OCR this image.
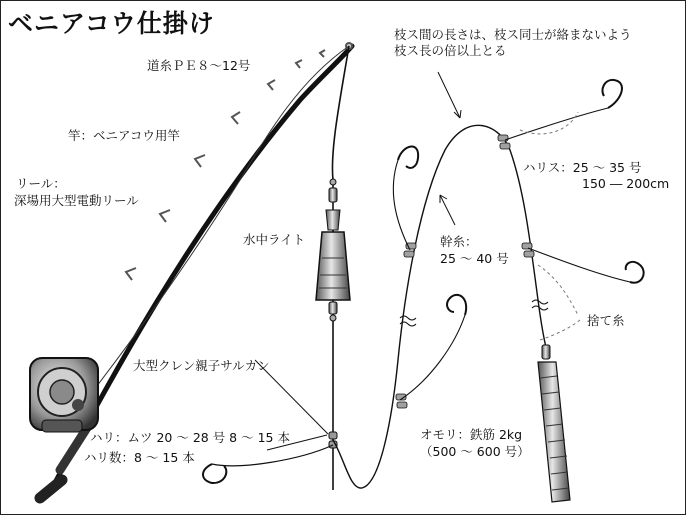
ベニアコウ仕掛け
道糸ＰＥ８〜12号
竿：ベニアコウ用竿
リール：
深場用大型電動リール
水中ライト
大型クレン親子サルカン
ハリ：ムツ 20 〜 28 号 8 〜 15 本
ハリ数：8 〜 15 本
枝ス間の長さは、枝ス同士が絡まないよう
枝ス長の倍以上とる
ハリス：25 〜 35 号
150 ― 200cm
幹糸：
25 〜 40 号
捨て糸
オモリ：鉄筋 2kg
（500 〜 600 号）
